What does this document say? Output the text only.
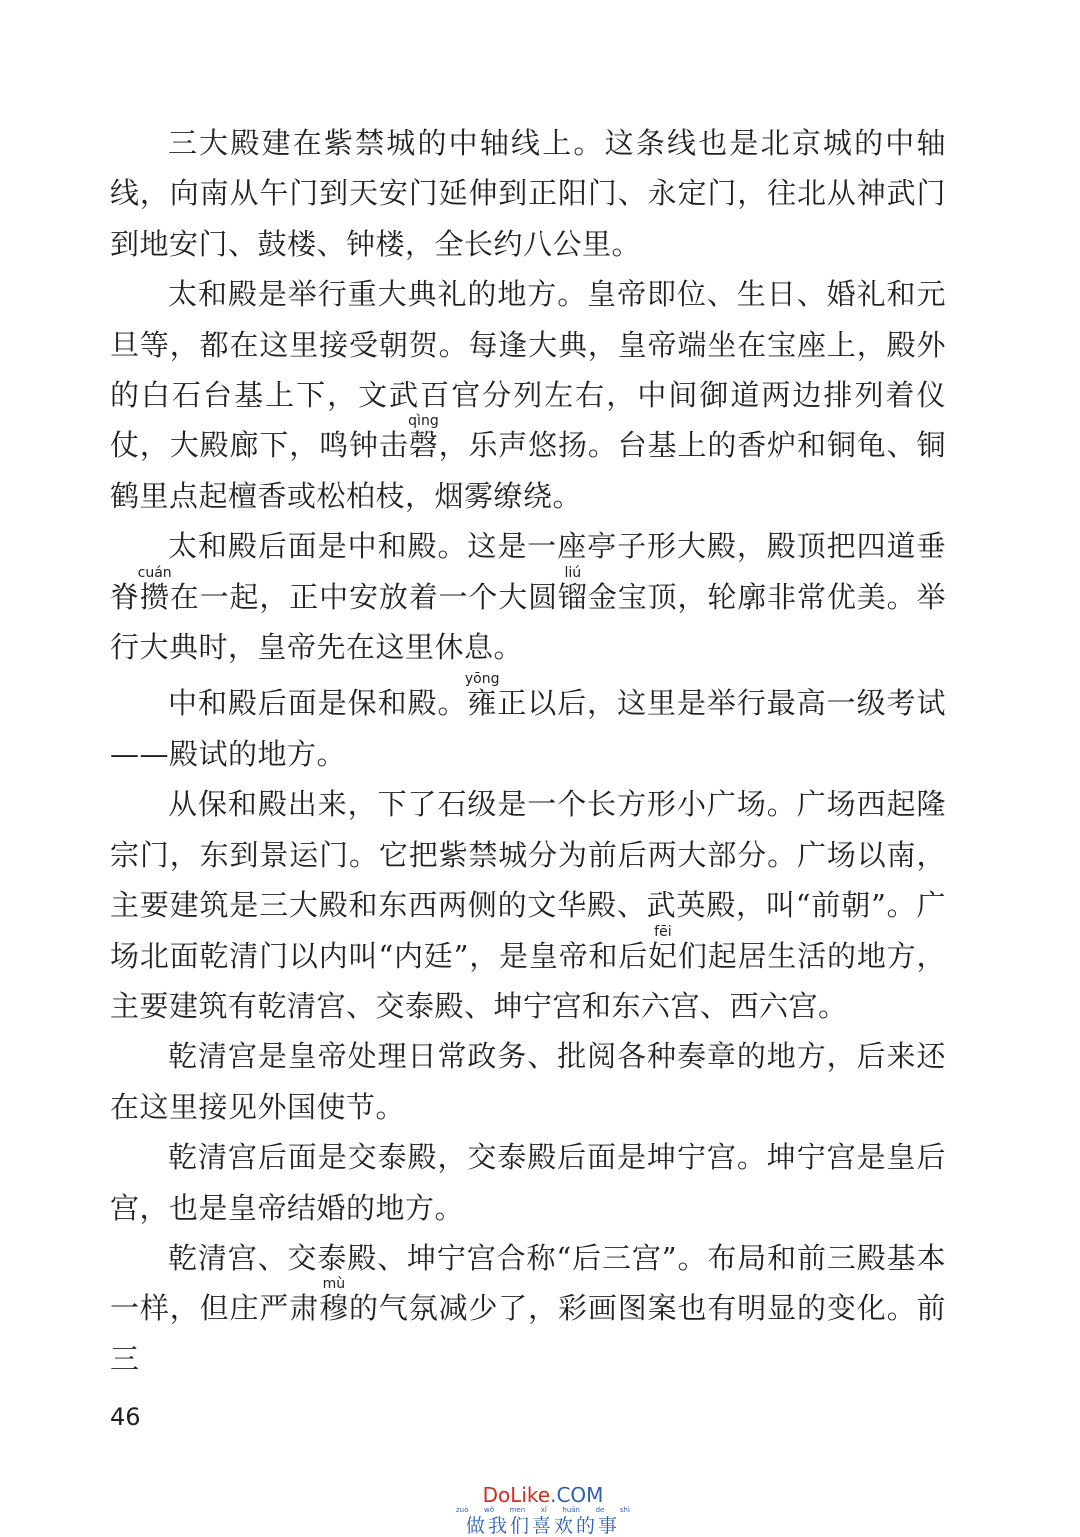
三大殿建在紫禁城的中轴线上。这条线也是北京城的中轴线，向南从午门到天安门延伸到正阳门、永定门，往北从神武门到地安门、鼓楼、钟楼，全长约八公里。

太和殿是举行重大典礼的地方。皇帝即位、生日、婚礼和元旦等，都在这里接受朝贺。每逢大典，皇帝端坐在宝座上，殿外的白石台基上下，文武百官分列左右，中间御道两边排列着仪仗，大殿廊下，鸣钟击磬qìng，乐声悠扬。台基上的香炉和铜龟、铜鹤里点起檀香或松柏枝，烟雾缭绕。

太和殿后面是中和殿。这是一座亭子形大殿，殿顶把四道垂脊攒cuán在一起，正中安放着一个大圆镏liú金宝顶，轮廓非常优美。举行大典时，皇帝先在这里休息。

中和殿后面是保和殿。雍yōng正以后，这里是举行最高一级考试——殿试的地方。

从保和殿出来，下了石级是一个长方形小广场。广场西起隆宗门，东到景运门。它把紫禁城分为前后两大部分。广场以南，主要建筑是三大殿和东西两侧的文华殿、武英殿，叫“前朝”。广场北面乾清门以内叫“内廷”，是皇帝和后妃fēi们起居生活的地方，主要建筑有乾清宫、交泰殿、坤宁宫和东六宫、西六宫。

乾清宫是皇帝处理日常政务、批阅各种奏章的地方，后来还在这里接见外国使节。

乾清宫后面是交泰殿，交泰殿后面是坤宁宫。坤宁宫是皇后宫，也是皇帝结婚的地方。

乾清宫、交泰殿、坤宁宫合称“后三宫”。布局和前三殿基本一样，但庄严肃穆mù的气氛减少了，彩画图案也有明显的变化。前三

46
DoLike.COM
zuò wǒ men xǐ huān de shì
做我们喜欢的事
